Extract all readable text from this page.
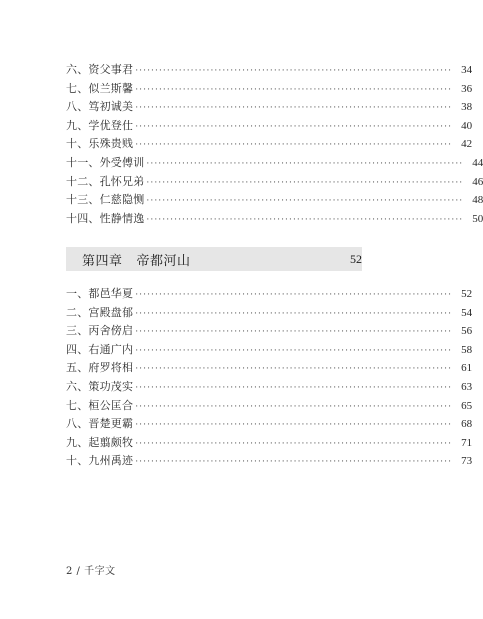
六、资父事君 ················································································ 34
七、似兰斯馨 ················································································ 36
八、笃初诚美 ················································································ 38
九、学优登仕 ················································································ 40
十、乐殊贵贱 ················································································ 42
十一、外受傅训 ················································································ 44
十二、孔怀兄弟 ················································································ 46
十三、仁慈隐恻 ················································································ 48
十四、性静情逸 ················································································ 50
第四章 帝都河山	52
一、都邑华夏 ················································································ 52
二、宫殿盘郁 ················································································ 54
三、丙舍傍启 ················································································ 56
四、右通广内 ················································································ 58
五、府罗将相 ················································································ 61
六、策功茂实 ················································································ 63
七、桓公匡合 ················································································ 65
八、晋楚更霸 ················································································ 68
九、起翦颇牧 ················································································ 71
十、九州禹迹 ················································································ 73
2 / 千字文
